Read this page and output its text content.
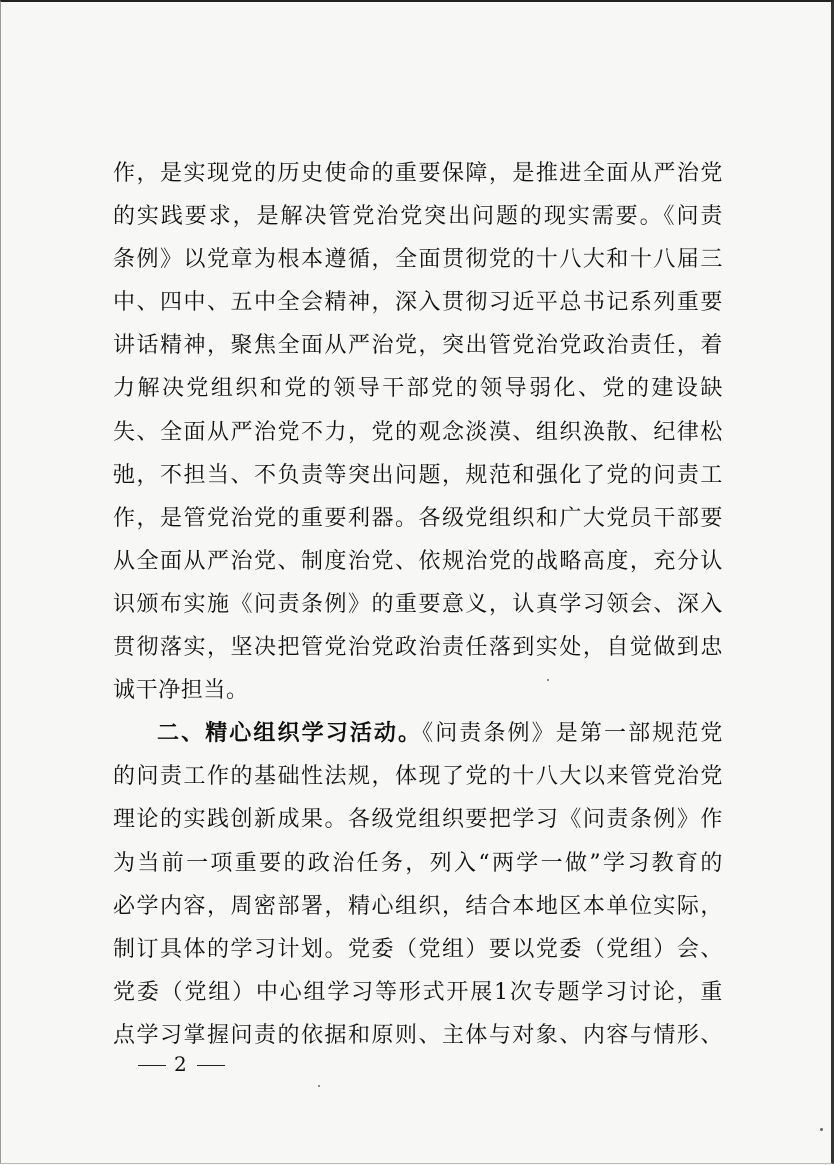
作，是实现党的历史使命的重要保障，是推进全面从严治党
的实践要求，是解决管党治党突出问题的现实需要。《问责
条例》以党章为根本遵循，全面贯彻党的十八大和十八届三
中、四中、五中全会精神，深入贯彻习近平总书记系列重要
讲话精神，聚焦全面从严治党，突出管党治党政治责任，着
力解决党组织和党的领导干部党的领导弱化、党的建设缺
失、全面从严治党不力，党的观念淡漠、组织涣散、纪律松
弛，不担当、不负责等突出问题，规范和强化了党的问责工
作，是管党治党的重要利器。各级党组织和广大党员干部要
从全面从严治党、制度治党、依规治党的战略高度，充分认
识颁布实施《问责条例》的重要意义，认真学习领会、深入
贯彻落实，坚决把管党治党政治责任落到实处，自觉做到忠
诚干净担当。
二、精心组织学习活动。《问责条例》是第一部规范党
的问责工作的基础性法规，体现了党的十八大以来管党治党
理论的实践创新成果。各级党组织要把学习《问责条例》作
为当前一项重要的政治任务，列入“两学一做”学习教育的
必学内容，周密部署，精心组织，结合本地区本单位实际，
制订具体的学习计划。党委（党组）要以党委（党组）会、
党委（党组）中心组学习等形式开展1次专题学习讨论，重
点学习掌握问责的依据和原则、主体与对象、内容与情形、
2
